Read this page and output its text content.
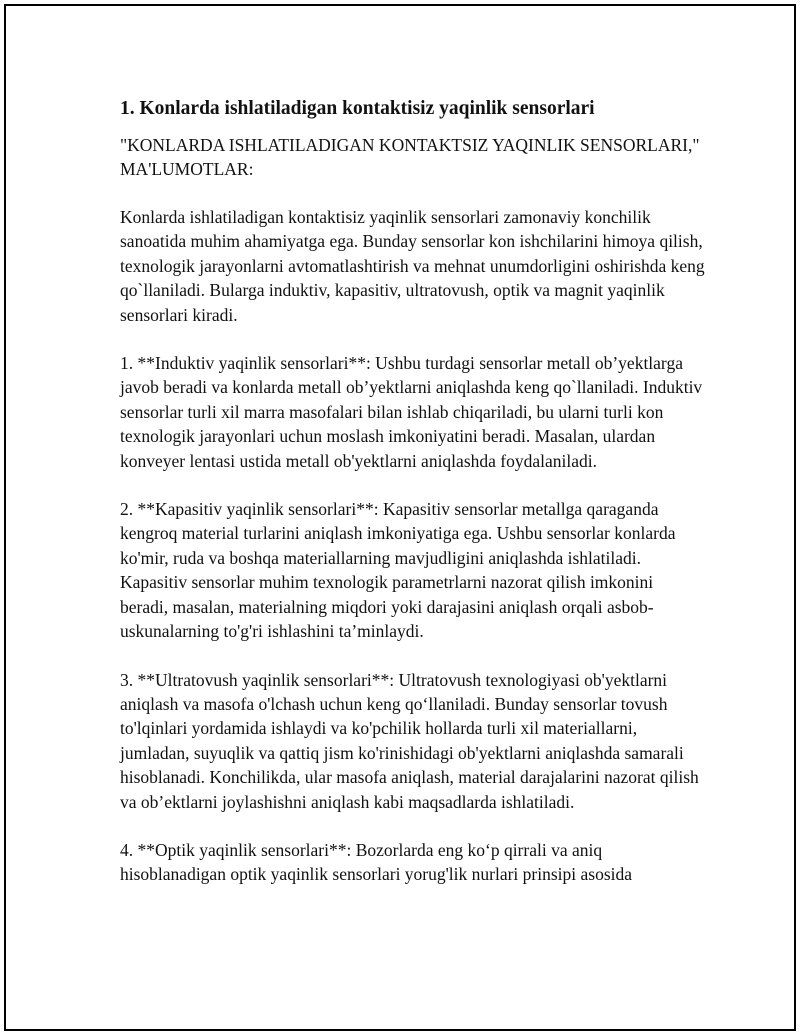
1. Konlarda ishlatiladigan kontaktisiz yaqinlik sensorlari
"KONLARDA ISHLATILADIGAN KONTAKTSIZ YAQINLIK SENSORLARI," MA'LUMOTLAR:

Konlarda ishlatiladigan kontaktisiz yaqinlik sensorlari zamonaviy konchilik sanoatida muhim ahamiyatga ega. Bunday sensorlar kon ishchilarini himoya qilish, texnologik jarayonlarni avtomatlashtirish va mehnat unumdorligini oshirishda keng qo`llaniladi. Bularga induktiv, kapasitiv, ultratovush, optik va magnit yaqinlik sensorlari kiradi.

1. **Induktiv yaqinlik sensorlari**: Ushbu turdagi sensorlar metall ob’yektlarga javob beradi va konlarda metall ob’yektlarni aniqlashda keng qo`llaniladi. Induktiv sensorlar turli xil marra masofalari bilan ishlab chiqariladi, bu ularni turli kon texnologik jarayonlari uchun moslash imkoniyatini beradi. Masalan, ulardan konveyer lentasi ustida metall ob'yektlarni aniqlashda foydalaniladi.

2. **Kapasitiv yaqinlik sensorlari**: Kapasitiv sensorlar metallga qaraganda kengroq material turlarini aniqlash imkoniyatiga ega. Ushbu sensorlar konlarda ko'mir, ruda va boshqa materiallarning mavjudligini aniqlashda ishlatiladi. Kapasitiv sensorlar muhim texnologik parametrlarni nazorat qilish imkonini beradi, masalan, materialning miqdori yoki darajasini aniqlash orqali asbob-uskunalarning to'g'ri ishlashini ta’minlaydi.

3. **Ultratovush yaqinlik sensorlari**: Ultratovush texnologiyasi ob'yektlarni aniqlash va masofa o'lchash uchun keng qo‘llaniladi. Bunday sensorlar tovush to'lqinlari yordamida ishlaydi va ko'pchilik hollarda turli xil materiallarni, jumladan, suyuqlik va qattiq jism ko'rinishidagi ob'yektlarni aniqlashda samarali hisoblanadi. Konchilikda, ular masofa aniqlash, material darajalarini nazorat qilish va ob’ektlarni joylashishni aniqlash kabi maqsadlarda ishlatiladi.

4. **Optik yaqinlik sensorlari**: Bozorlarda eng ko‘p qirrali va aniq hisoblanadigan optik yaqinlik sensorlari yorug'lik nurlari prinsipi asosida
